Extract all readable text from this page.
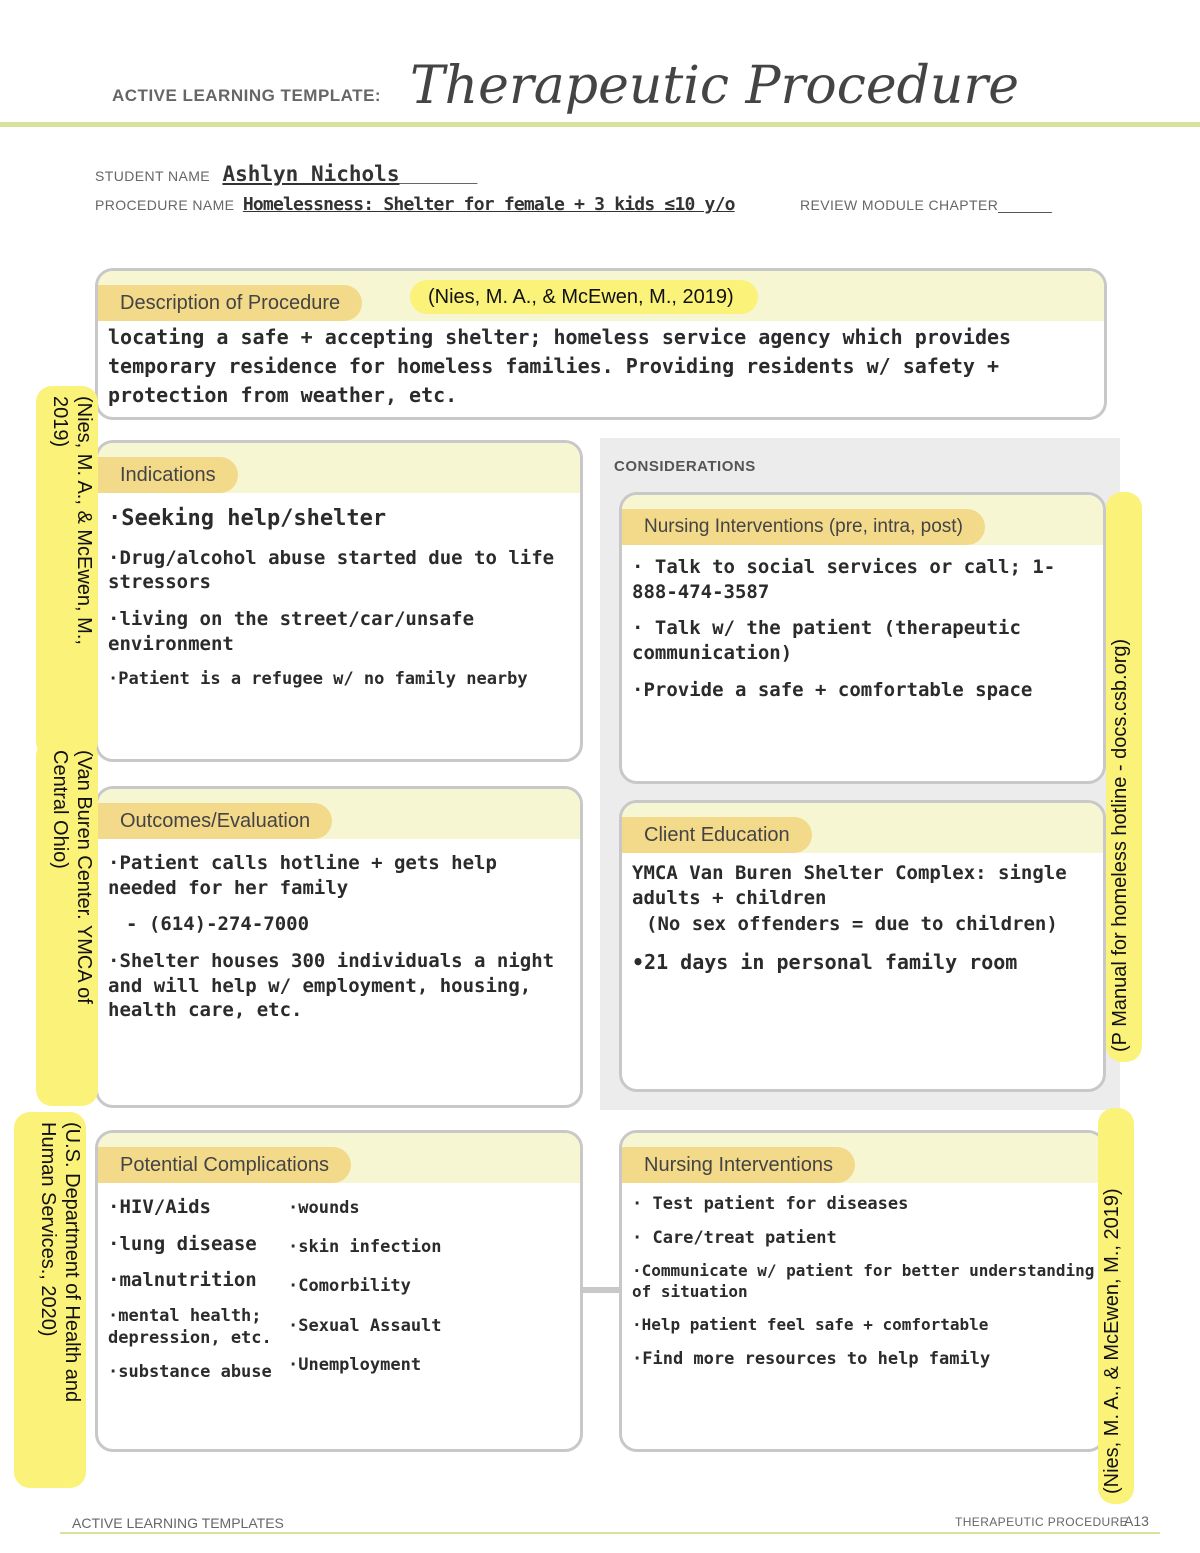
ACTIVE LEARNING TEMPLATE: Therapeutic Procedure
STUDENT NAME Ashlyn Nichols__________
PROCEDURE NAME Homelessness: Shelter for female + 3 kids ≤10 y/o	REVIEW MODULE CHAPTER______
Description of Procedure
locating a safe + accepting shelter; homeless service agency which provides temporary residence for homeless families. Providing residents w/ safety + protection from weather, etc.
(Nies, M. A., & McEwen, M., 2019)
Indications

·Seeking help/shelter

·Drug/alcohol abuse started due to life stressors

·living on the street/car/unsafe environment

·Patient is a refugee w/ no family nearby

Outcomes/Evaluation

·Patient calls hotline + gets help needed for her family

- (614)-274-7000

·Shelter houses 300 individuals a night and will help w/ employment, housing, health care, etc.

CONSIDERATIONS
Nursing Interventions (pre, intra, post)

· Talk to social services or call; 1-888-474-3587

· Talk w/ the patient (therapeutic communication)

·Provide a safe + comfortable space

Client Education

YMCA Van Buren Shelter Complex: single adults + children

(No sex offenders = due to children)

•21 days in personal family room

Potential Complications

·HIV/Aids

·lung disease

·malnutrition

·mental health; depression, etc.

·substance abuse

·wounds

·skin infection

·Comorbility

·Sexual Assault

·Unemployment

Nursing Interventions

· Test patient for diseases

· Care/treat patient

·Communicate w/ patient for better understanding of situation

·Help patient feel safe + comfortable

·Find more resources to help family

(Nies, M. A., & McEwen, M.,
2019)
(Van Buren Center. YMCA of
Central Ohio)
(U.S. Department of Health and
Human Services., 2020)
(P Manual for homeless hotline - docs.csb.org)
(Nies, M. A., & McEwen, M., 2019)
ACTIVE LEARNING TEMPLATES	THERAPEUTIC PROCEDURE
A13
